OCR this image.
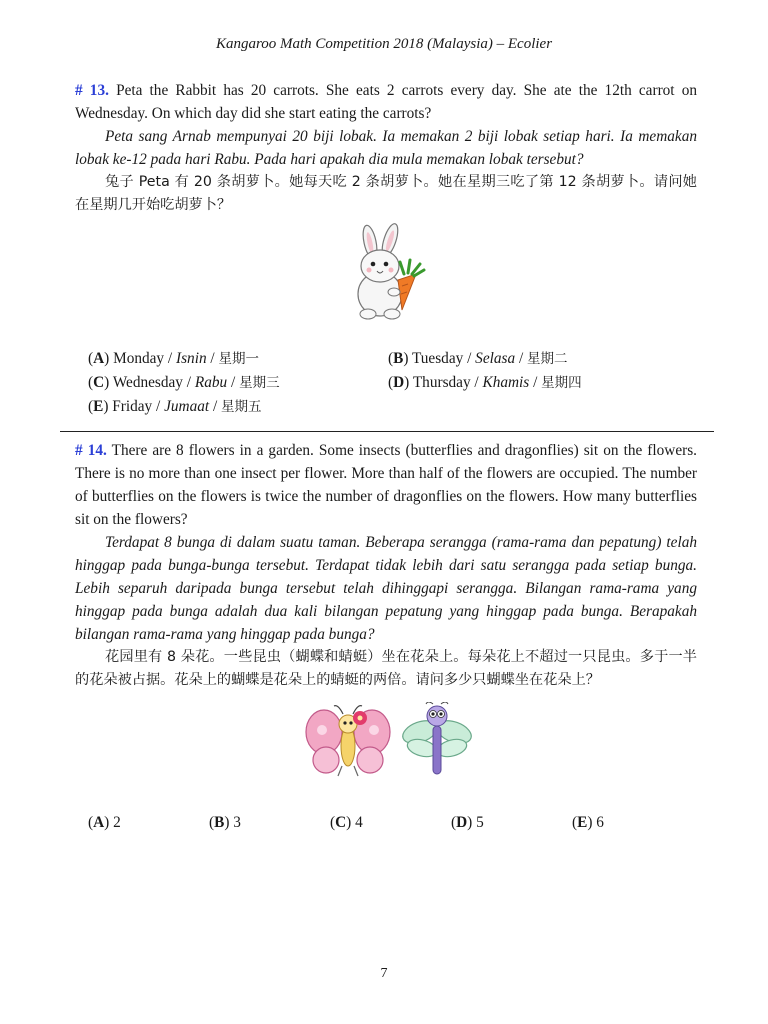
Kangaroo Math Competition 2018 (Malaysia) – Ecolier

# 13. Peta the Rabbit has 20 carrots. She eats 2 carrots every day. She ate the 12th carrot on Wednesday. On which day did she start eating the carrots?

Peta sang Arnab mempunyai 20 biji lobak. Ia memakan 2 biji lobak setiap hari. Ia memakan lobak ke-12 pada hari Rabu. Pada hari apakah dia mula memakan lobak tersebut?

兔子 Peta 有 20 条胡萝卜。她每天吃 2 条胡萝卜。她在星期三吃了第 12 条胡萝卜。请问她在星期几开始吃胡萝卜？

(A) Monday / Isnin / 星期一	(B) Tuesday / Selasa / 星期二
(C) Wednesday / Rabu / 星期三	(D) Thursday / Khamis / 星期四
(E) Friday / Jumaat / 星期五

# 14. There are 8 flowers in a garden. Some insects (butterflies and dragonflies) sit on the flowers. There is no more than one insect per flower. More than half of the flowers are occupied. The number of butterflies on the flowers is twice the number of dragonflies on the flowers. How many butterflies sit on the flowers?

Terdapat 8 bunga di dalam suatu taman. Beberapa serangga (rama-rama dan pepatung) telah hinggap pada bunga-bunga tersebut. Terdapat tidak lebih dari satu serangga pada setiap bunga. Lebih separuh daripada bunga tersebut telah dihinggapi serangga. Bilangan rama-rama yang hinggap pada bunga adalah dua kali bilangan pepatung yang hinggap pada bunga. Berapakah bilangan rama-rama yang hinggap pada bunga?

花园里有 8 朵花。一些昆虫（蝴蝶和蜻蜓）坐在花朵上。每朵花上不超过一只昆虫。多于一半的花朵被占据。花朵上的蝴蝶是花朵上的蜻蜓的两倍。请问多少只蝴蝶坐在花朵上？

(A) 2	(B) 3	(C) 4	(D) 5	(E) 6
7
